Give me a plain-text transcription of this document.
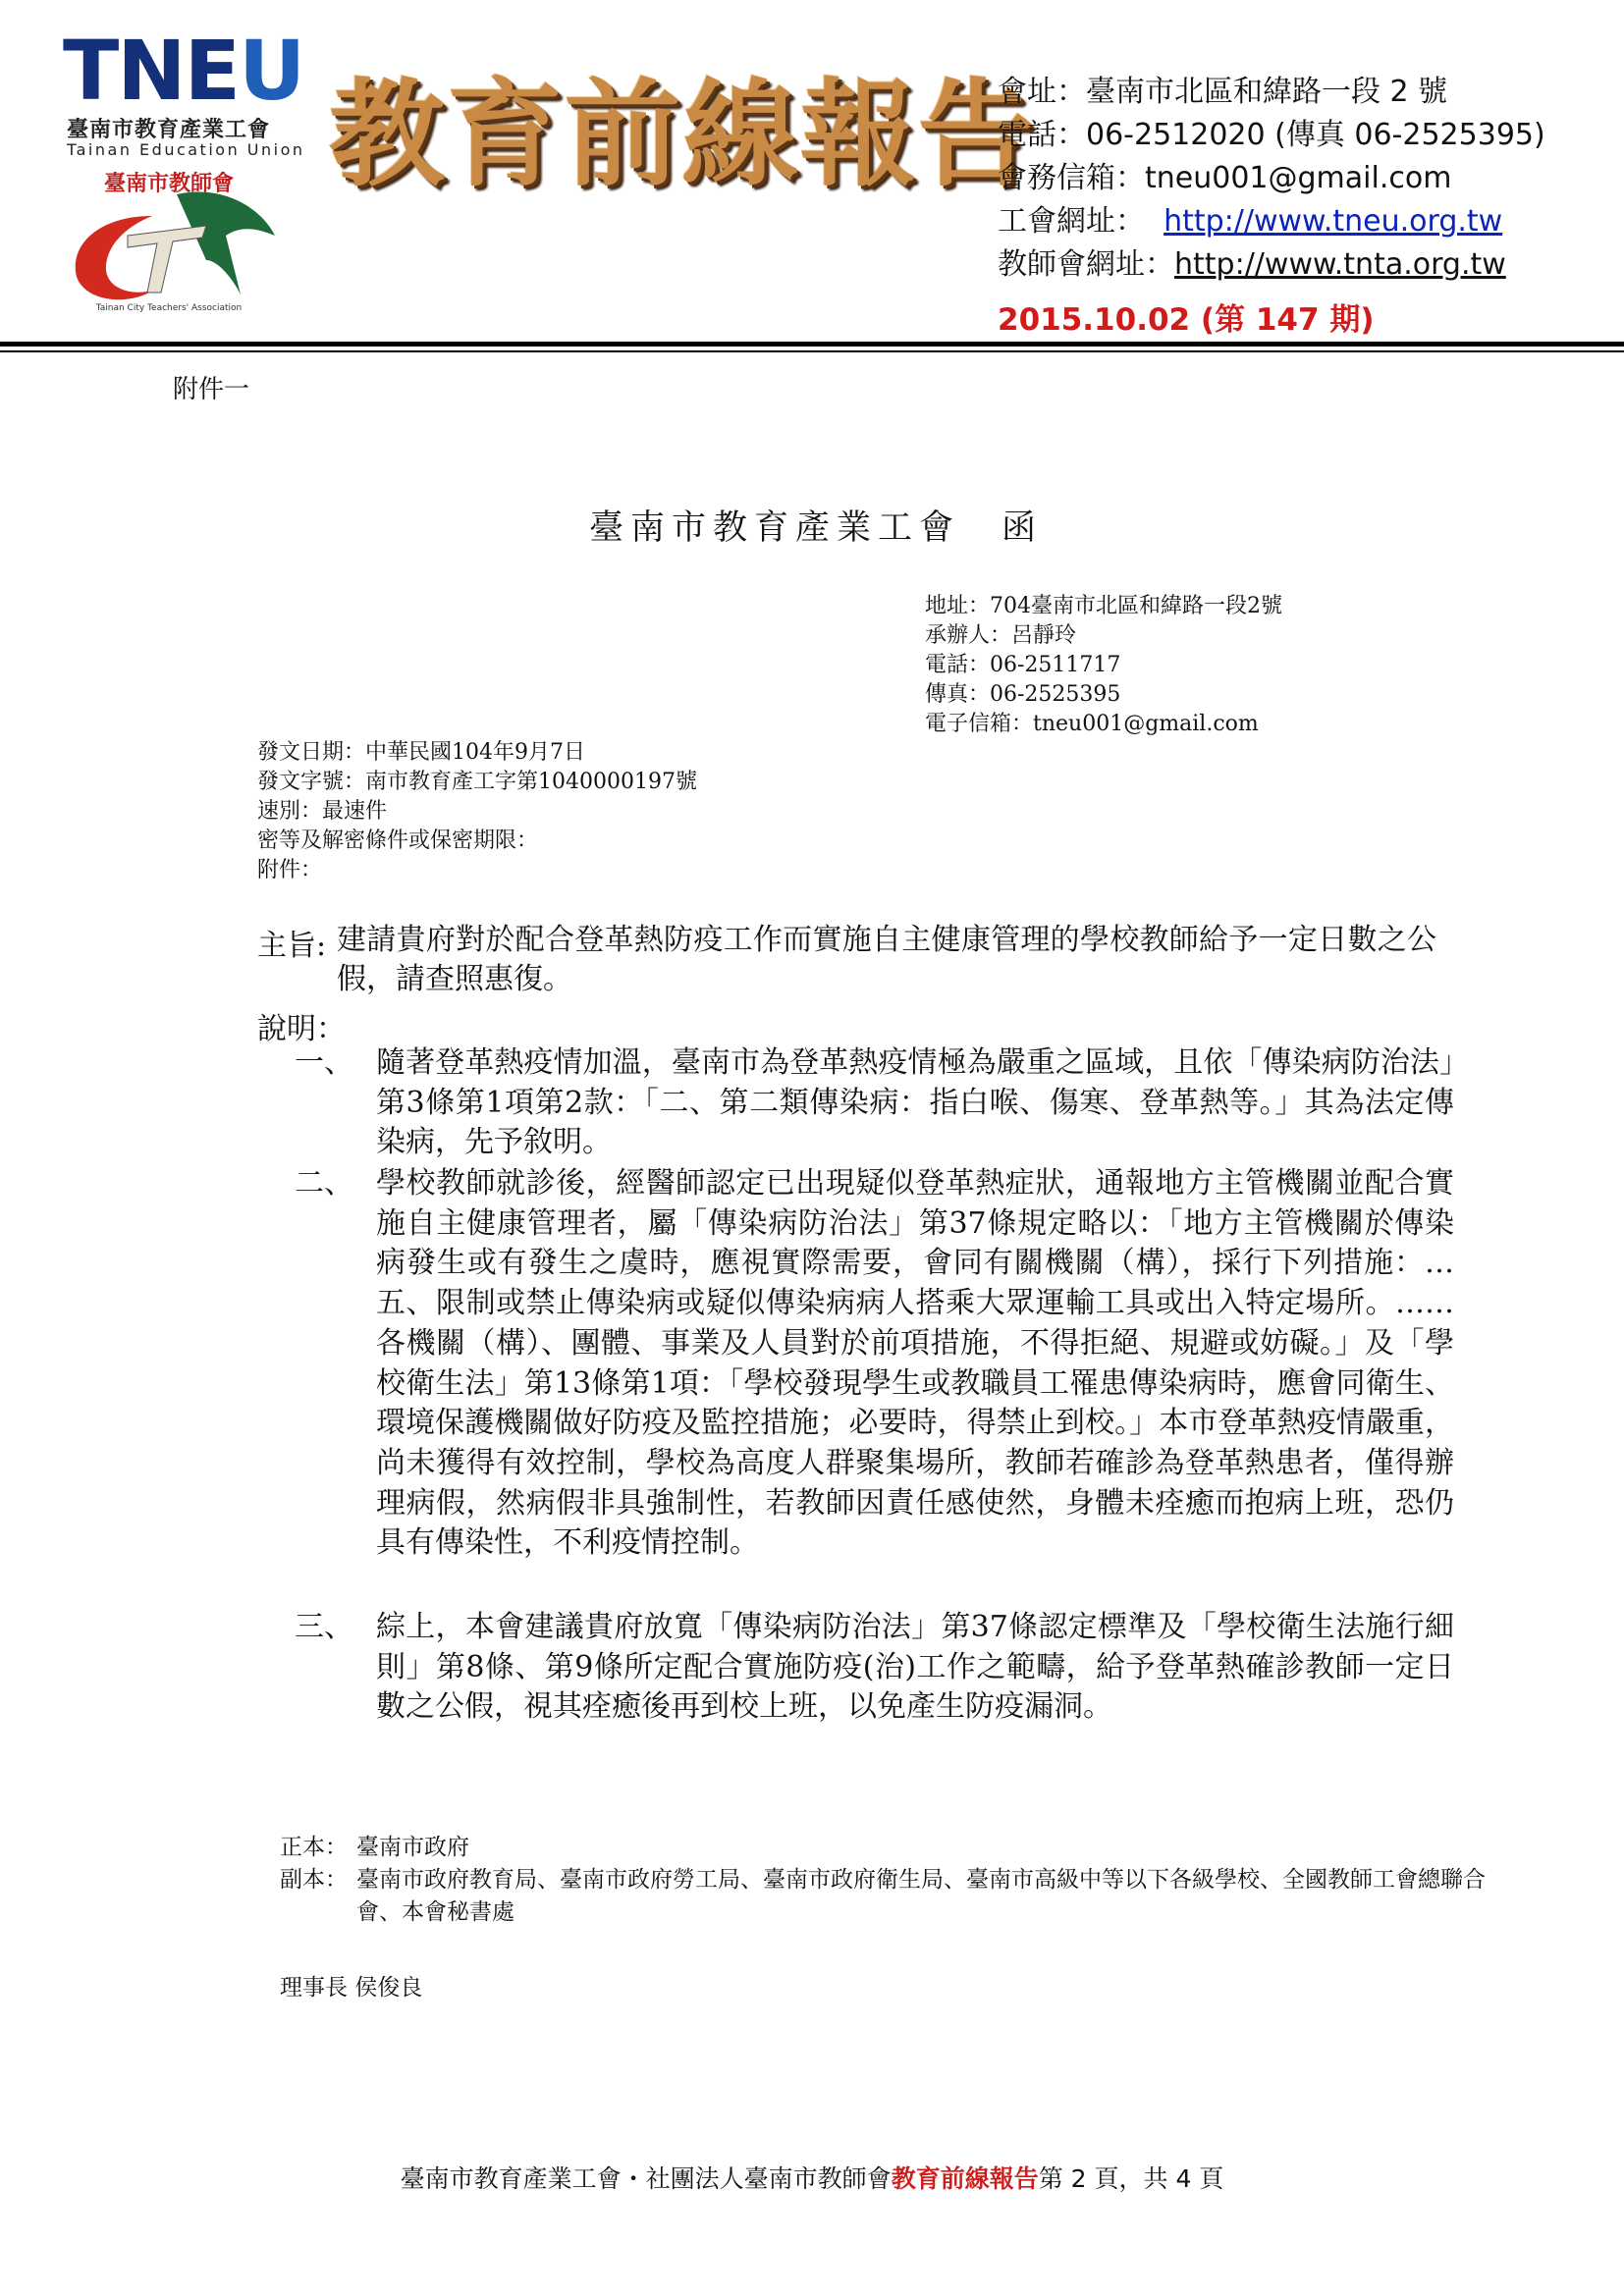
TNEU
臺南市教育產業工會
Tainan Education Union
臺南市教師會
Tainan City Teachers' Association
教育前線報告
會址：臺南市北區和緯路一段 2 號
電話：06-2512020 (傳真 06-2525395)
會務信箱：tneu001@gmail.com
工會網址： http://www.tneu.org.tw
教師會網址：http://www.tnta.org.tw
2015.10.02 (第 147 期)
附件一
臺南市教育產業工會　函
地址：704臺南市北區和緯路一段2號
承辦人：呂靜玲
電話：06-2511717
傳真：06-2525395
電子信箱：tneu001@gmail.com
發文日期：中華民國104年9月7日
發文字號：南市教育產工字第1040000197號
速別：最速件
密等及解密條件或保密期限：
附件：
主旨: 建請貴府對於配合登革熱防疫工作而實施自主健康管理的學校教師給予一定日數之公假，請查照惠復。
說明：
一、 隨著登革熱疫情加溫，臺南市為登革熱疫情極為嚴重之區域，且依「傳染病防治法」第3條第1項第2款：「二、第二類傳染病：指白喉、傷寒、登革熱等。」其為法定傳染病，先予敘明。
二、 學校教師就診後，經醫師認定已出現疑似登革熱症狀，通報地方主管機關並配合實施自主健康管理者，屬「傳染病防治法」第37條規定略以：「地方主管機關於傳染病發生或有發生之虞時，應視實際需要，會同有關機關（構），採行下列措施：…五、限制或禁止傳染病或疑似傳染病病人搭乘大眾運輸工具或出入特定場所。……各機關（構）、團體、事業及人員對於前項措施，不得拒絕、規避或妨礙。」及「學校衛生法」第13條第1項：「學校發現學生或教職員工罹患傳染病時，應會同衛生、環境保護機關做好防疫及監控措施；必要時，得禁止到校。」本市登革熱疫情嚴重，尚未獲得有效控制，學校為高度人群聚集場所，教師若確診為登革熱患者，僅得辦理病假，然病假非具強制性，若教師因責任感使然，身體未痊癒而抱病上班，恐仍具有傳染性，不利疫情控制。
三、 綜上，本會建議貴府放寬「傳染病防治法」第37條認定標準及「學校衛生法施行細則」第8條、第9條所定配合實施防疫(治)工作之範疇，給予登革熱確診教師一定日數之公假，視其痊癒後再到校上班，以免產生防疫漏洞。
正本： 臺南市政府
副本： 臺南市政府教育局、臺南市政府勞工局、臺南市政府衛生局、臺南市高級中等以下各級學校、全國教師工會總聯合會、本會秘書處
理事長 侯俊良
臺南市教育產業工會・社團法人臺南市教師會教育前線報告第 2 頁，共 4 頁
